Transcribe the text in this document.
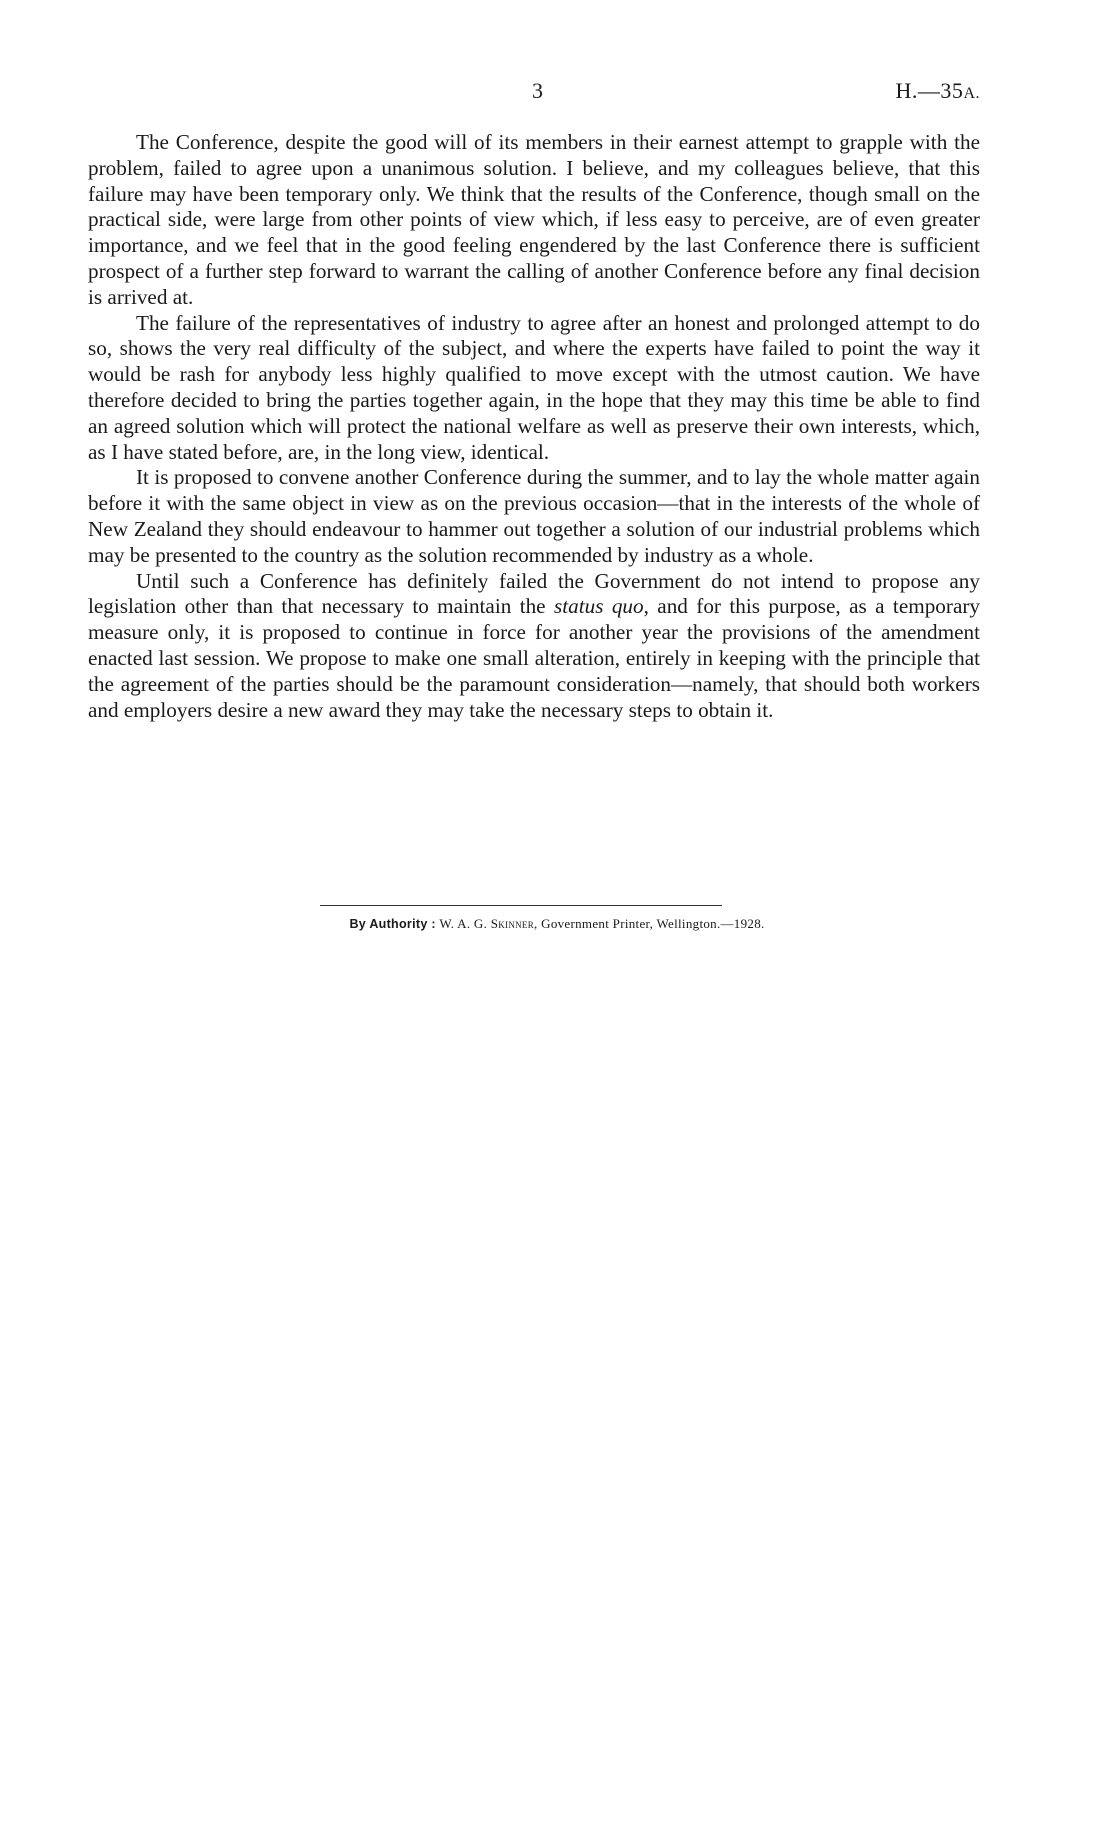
3	H.—35A.

The Conference, despite the good will of its members in their earnest attempt to grapple with the problem, failed to agree upon a unanimous solution. I believe, and my colleagues believe, that this failure may have been temporary only. We think that the results of the Conference, though small on the practical side, were large from other points of view which, if less easy to perceive, are of even greater importance, and we feel that in the good feeling engendered by the last Conference there is sufficient prospect of a further step forward to warrant the calling of another Conference before any final decision is arrived at.

The failure of the representatives of industry to agree after an honest and prolonged attempt to do so, shows the very real difficulty of the subject, and where the experts have failed to point the way it would be rash for anybody less highly qualified to move except with the utmost caution. We have therefore decided to bring the parties together again, in the hope that they may this time be able to find an agreed solution which will protect the national welfare as well as preserve their own interests, which, as I have stated before, are, in the long view, identical.

It is proposed to convene another Conference during the summer, and to lay the whole matter again before it with the same object in view as on the previous occasion—that in the interests of the whole of New Zealand they should endeavour to hammer out together a solution of our industrial problems which may be presented to the country as the solution recommended by industry as a whole.

Until such a Conference has definitely failed the Government do not intend to propose any legislation other than that necessary to maintain the status quo, and for this purpose, as a temporary measure only, it is proposed to continue in force for another year the provisions of the amendment enacted last session. We propose to make one small alteration, entirely in keeping with the principle that the agreement of the parties should be the paramount consideration—namely, that should both workers and employers desire a new award they may take the necessary steps to obtain it.

By Authority : W. A. G. Skinner, Government Printer, Wellington.—1928.
